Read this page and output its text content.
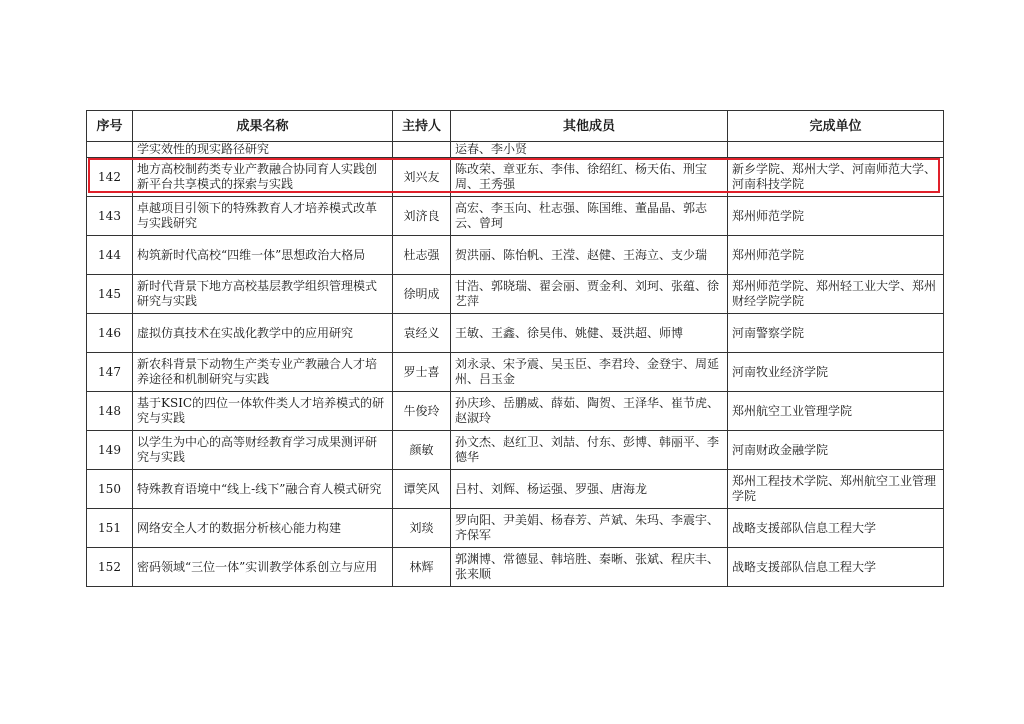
序号	成果名称	主持人	其他成员	完成单位
	学实效性的现实路径研究		运春、李小贤	
142	地方高校制药类专业产教融合协同育人实践创新平台共享模式的探索与实践	刘兴友	陈改荣、章亚东、李伟、徐绍红、杨天佑、刑宝周、王秀强	新乡学院、郑州大学、河南师范大学、河南科技学院
143	卓越项目引领下的特殊教育人才培养模式改革与实践研究	刘济良	高宏、李玉向、杜志强、陈国维、董晶晶、郭志云、曾珂	郑州师范学院
144	构筑新时代高校“四维一体”思想政治大格局	杜志强	贺洪丽、陈怡帆、王滢、赵健、王海立、支少瑞	郑州师范学院
145	新时代背景下地方高校基层教学组织管理模式研究与实践	徐明成	甘浩、郭晓瑞、翟会丽、贾金利、刘珂、张蕴、徐艺萍	郑州师范学院、郑州轻工业大学、郑州财经学院学院
146	虚拟仿真技术在实战化教学中的应用研究	袁经义	王敏、王鑫、徐昊伟、姚健、聂洪超、师博	河南警察学院
147	新农科背景下动物生产类专业产教融合人才培养途径和机制研究与实践	罗士喜	刘永录、宋予震、吴玉臣、李君玲、金登宇、周延州、吕玉金	河南牧业经济学院
148	基于KSIC的四位一体软件类人才培养模式的研究与实践	牛俊玲	孙庆珍、岳鹏威、薛茹、陶贺、王泽华、崔节虎、赵淑玲	郑州航空工业管理学院
149	以学生为中心的高等财经教育学习成果测评研究与实践	颜敏	孙文杰、赵红卫、刘喆、付东、彭博、韩丽平、李德华	河南财政金融学院
150	特殊教育语境中“线上-线下”融合育人模式研究	谭笑风	吕村、刘辉、杨运强、罗强、唐海龙	郑州工程技术学院、郑州航空工业管理学院
151	网络安全人才的数据分析核心能力构建	刘琰	罗向阳、尹美娟、杨春芳、芦斌、朱玛、李震宇、齐保军	战略支援部队信息工程大学
152	密码领域“三位一体”实训教学体系创立与应用	林辉	郭渊博、常德显、韩培胜、秦晰、张斌、程庆丰、张来顺	战略支援部队信息工程大学
